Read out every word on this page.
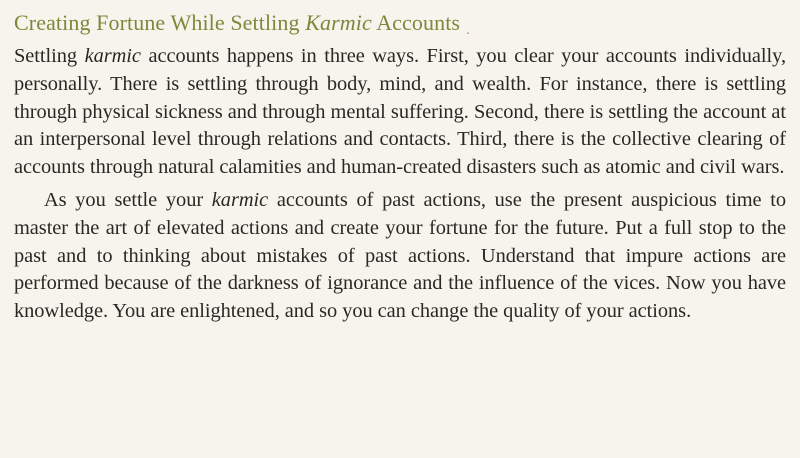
Creating Fortune While Settling Karmic Accounts .

Settling karmic accounts happens in three ways. First, you clear your accounts individually, personally. There is settling through body, mind, and wealth. For instance, there is settling through physical sickness and through mental suffering. Second, there is settling the account at an interpersonal level through relations and contacts. Third, there is the collective clearing of accounts through natural calamities and human-created disasters such as atomic and civil wars.

As you settle your karmic accounts of past actions, use the present auspicious time to master the art of elevated actions and create your fortune for the future. Put a full stop to the past and to thinking about mistakes of past actions. Understand that impure actions are performed because of the darkness of ignorance and the influence of the vices. Now you have knowledge. You are enlightened, and so you can change the quality of your actions.
